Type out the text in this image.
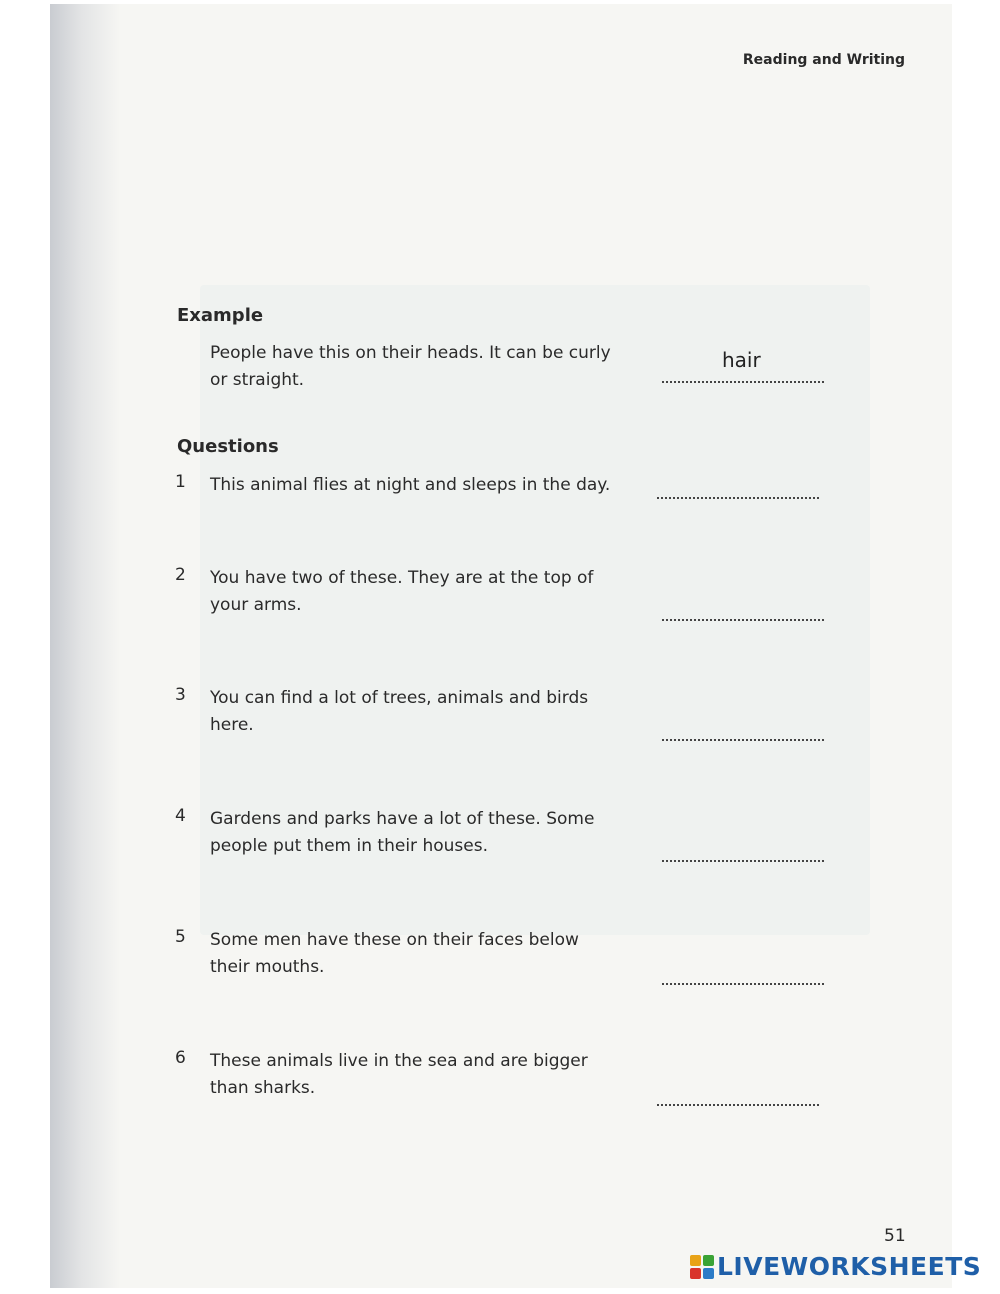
Reading and Writing
Example
People have this on their heads. It can be curly
or straight.
hair
Questions
1 This animal flies at night and sleeps in the day.
2 You have two of these. They are at the top of
your arms.
3 You can find a lot of trees, animals and birds
here.
4 Gardens and parks have a lot of these. Some
people put them in their houses.
5 Some men have these on their faces below
their mouths.
6 These animals live in the sea and are bigger
than sharks.
51
LIVEWORKSHEETS
